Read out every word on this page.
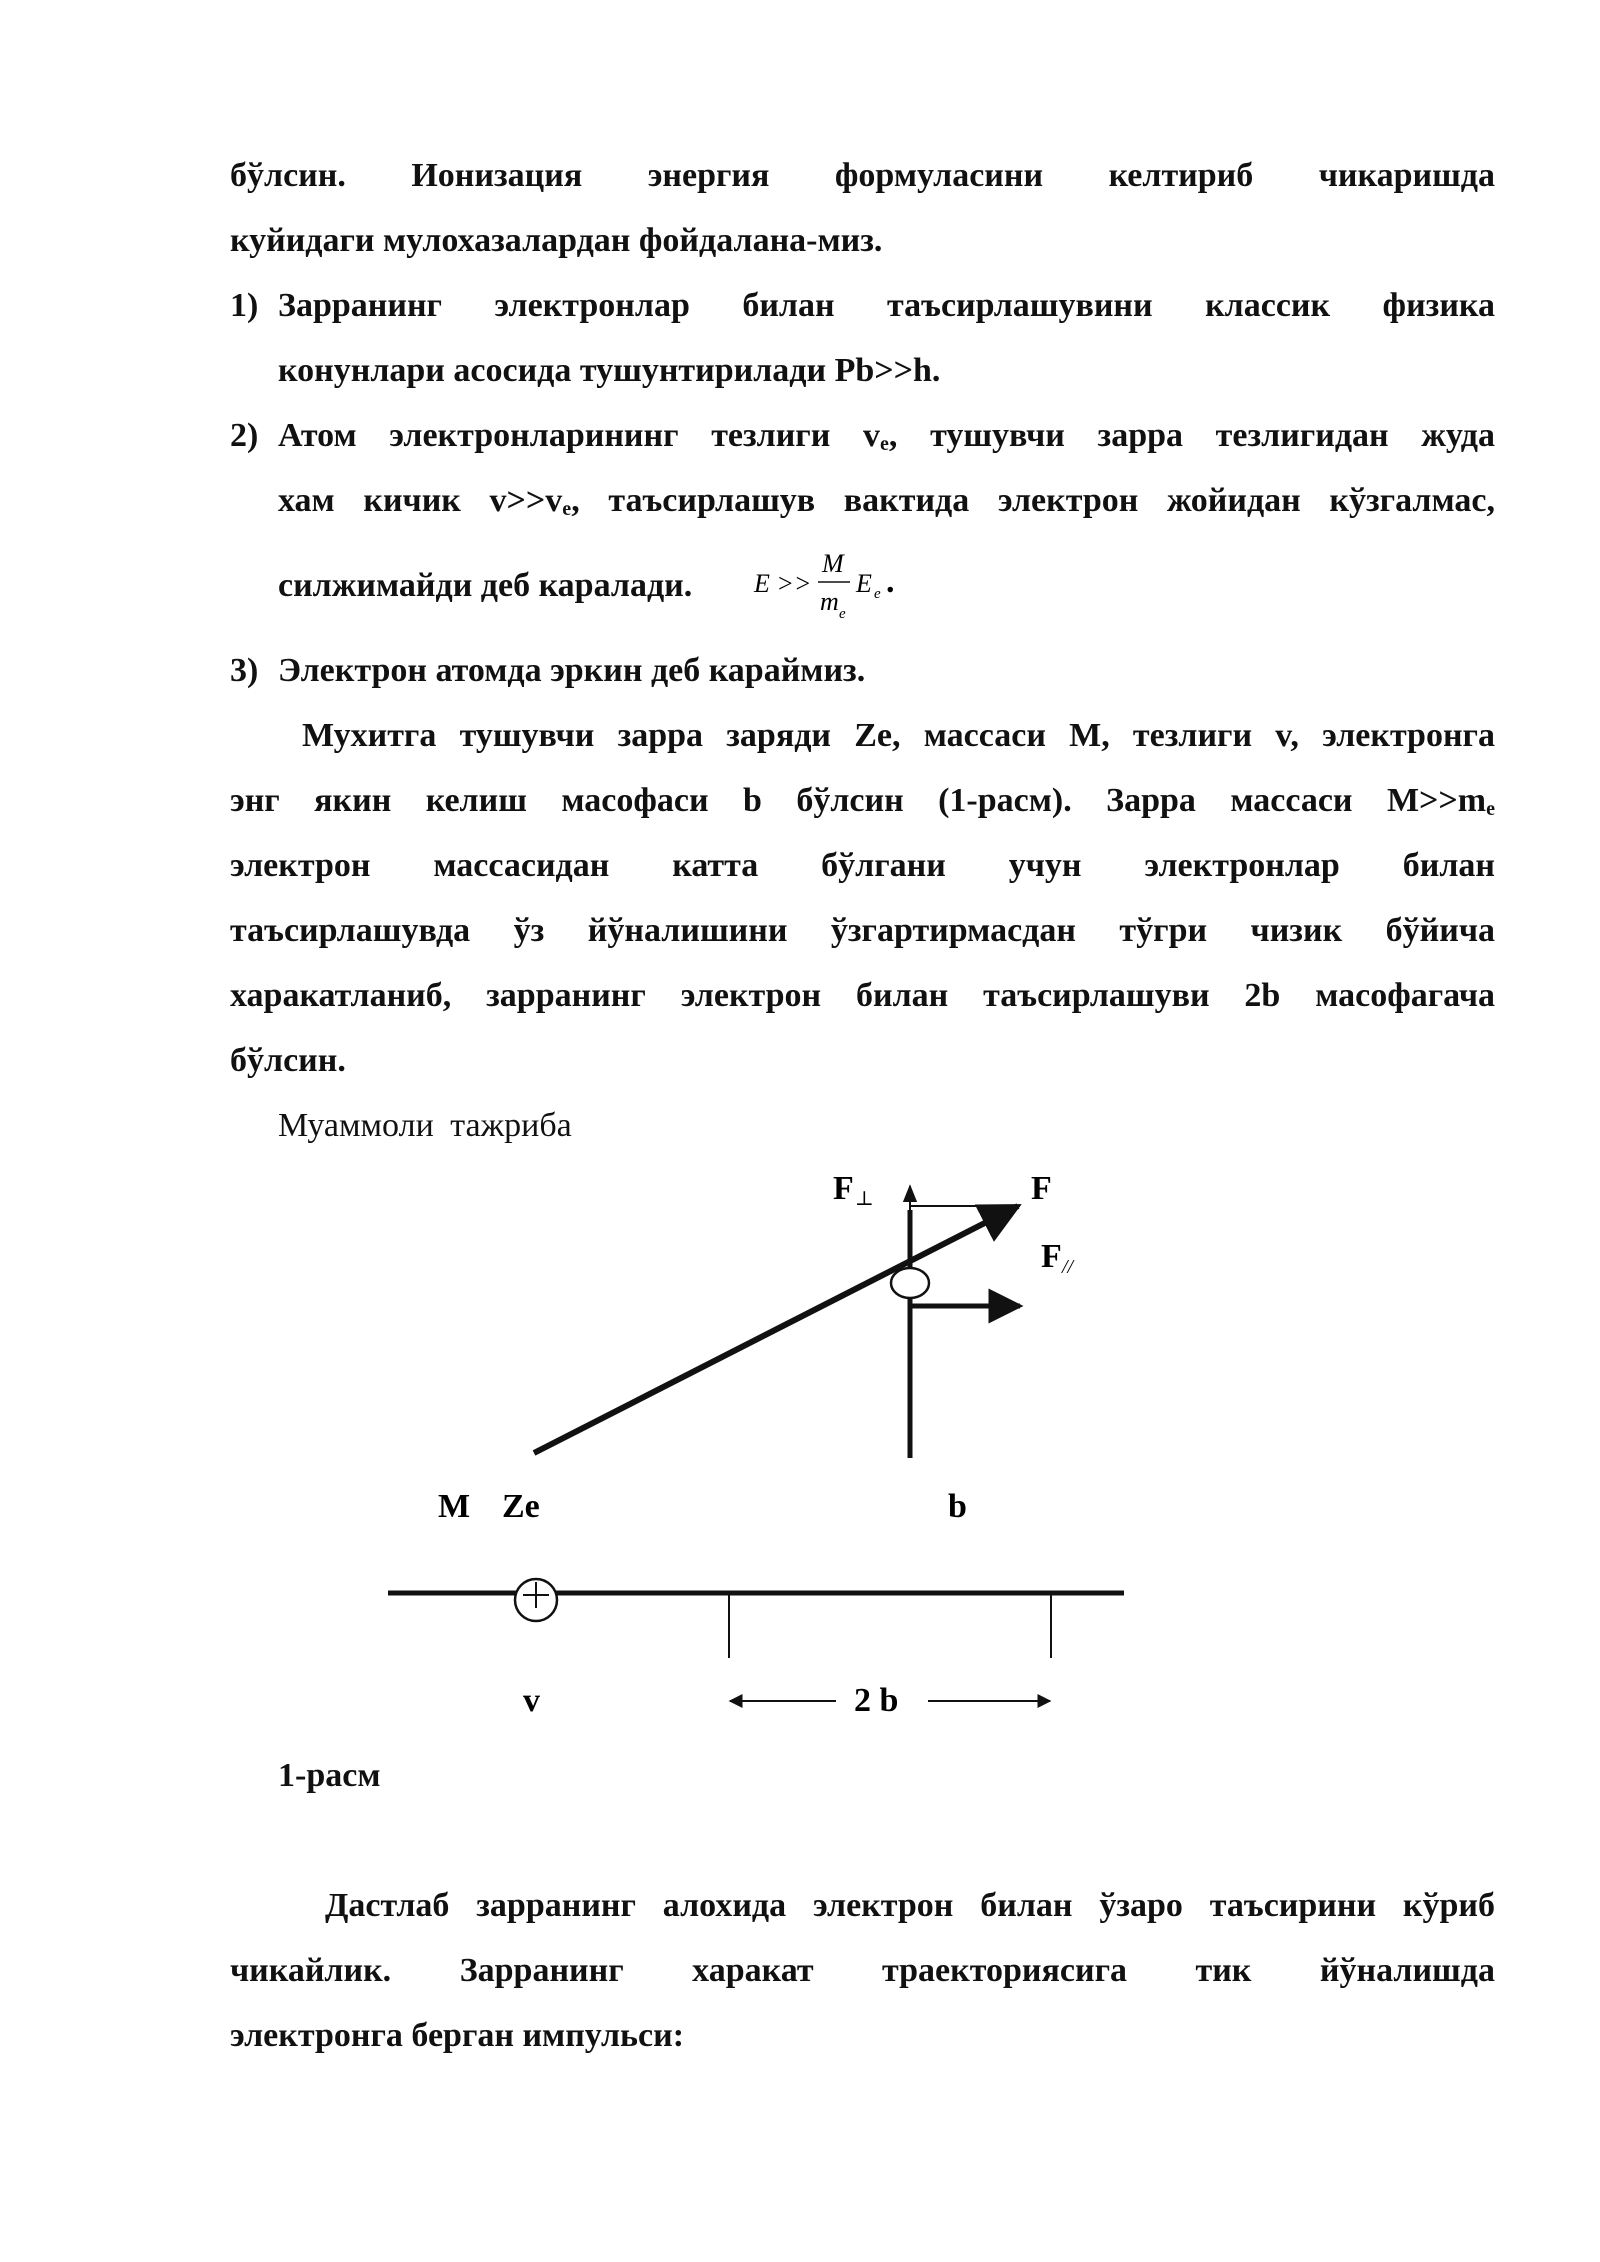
бўлсин. Ионизация энергия формуласини келтириб чикаришда
куйидаги мулохазалардан фойдалана-миз.
1) Зарранинг электронлар билан таъсирлашувини классик физика
конунлари асосида тушунтирилади Pb>>h.
2) Атом электронларининг тезлиги $v_e$, тушувчи зарра тезлигидан жуда
хам кичик $v>>v_e$, таъсирлашув вактида электрон жойидан кўзгалмас,
силжимайди деб каралади.
3) Электрон атомда эркин деб караймиз.
Мухитга тушувчи зарра заряди Ze, массаси М, тезлиги v, электронга
энг якин келиш масофаси b бўлсин (1-расм). Зарра массаси $M>>m_e$
электрон массасидан катта бўлгани учун электронлар билан
таъсирлашувда ўз йўналишини ўзгартирмасдан тўгри чизик бўйича
харакатланиб, зарранинг электрон билан таъсирлашуви 2b масофагача
бўлсин.
Муаммоли тажриба
1-расм
Дастлаб зарранинг алохида электрон билан ўзаро таъсирини кўриб
чикайлик. Зарранинг харакат траекториясига тик йўналишда
электронга берган импульси:
E >>
M
m e
E e .
F ⊥	F
F //
M Ze	b
v	2 b
